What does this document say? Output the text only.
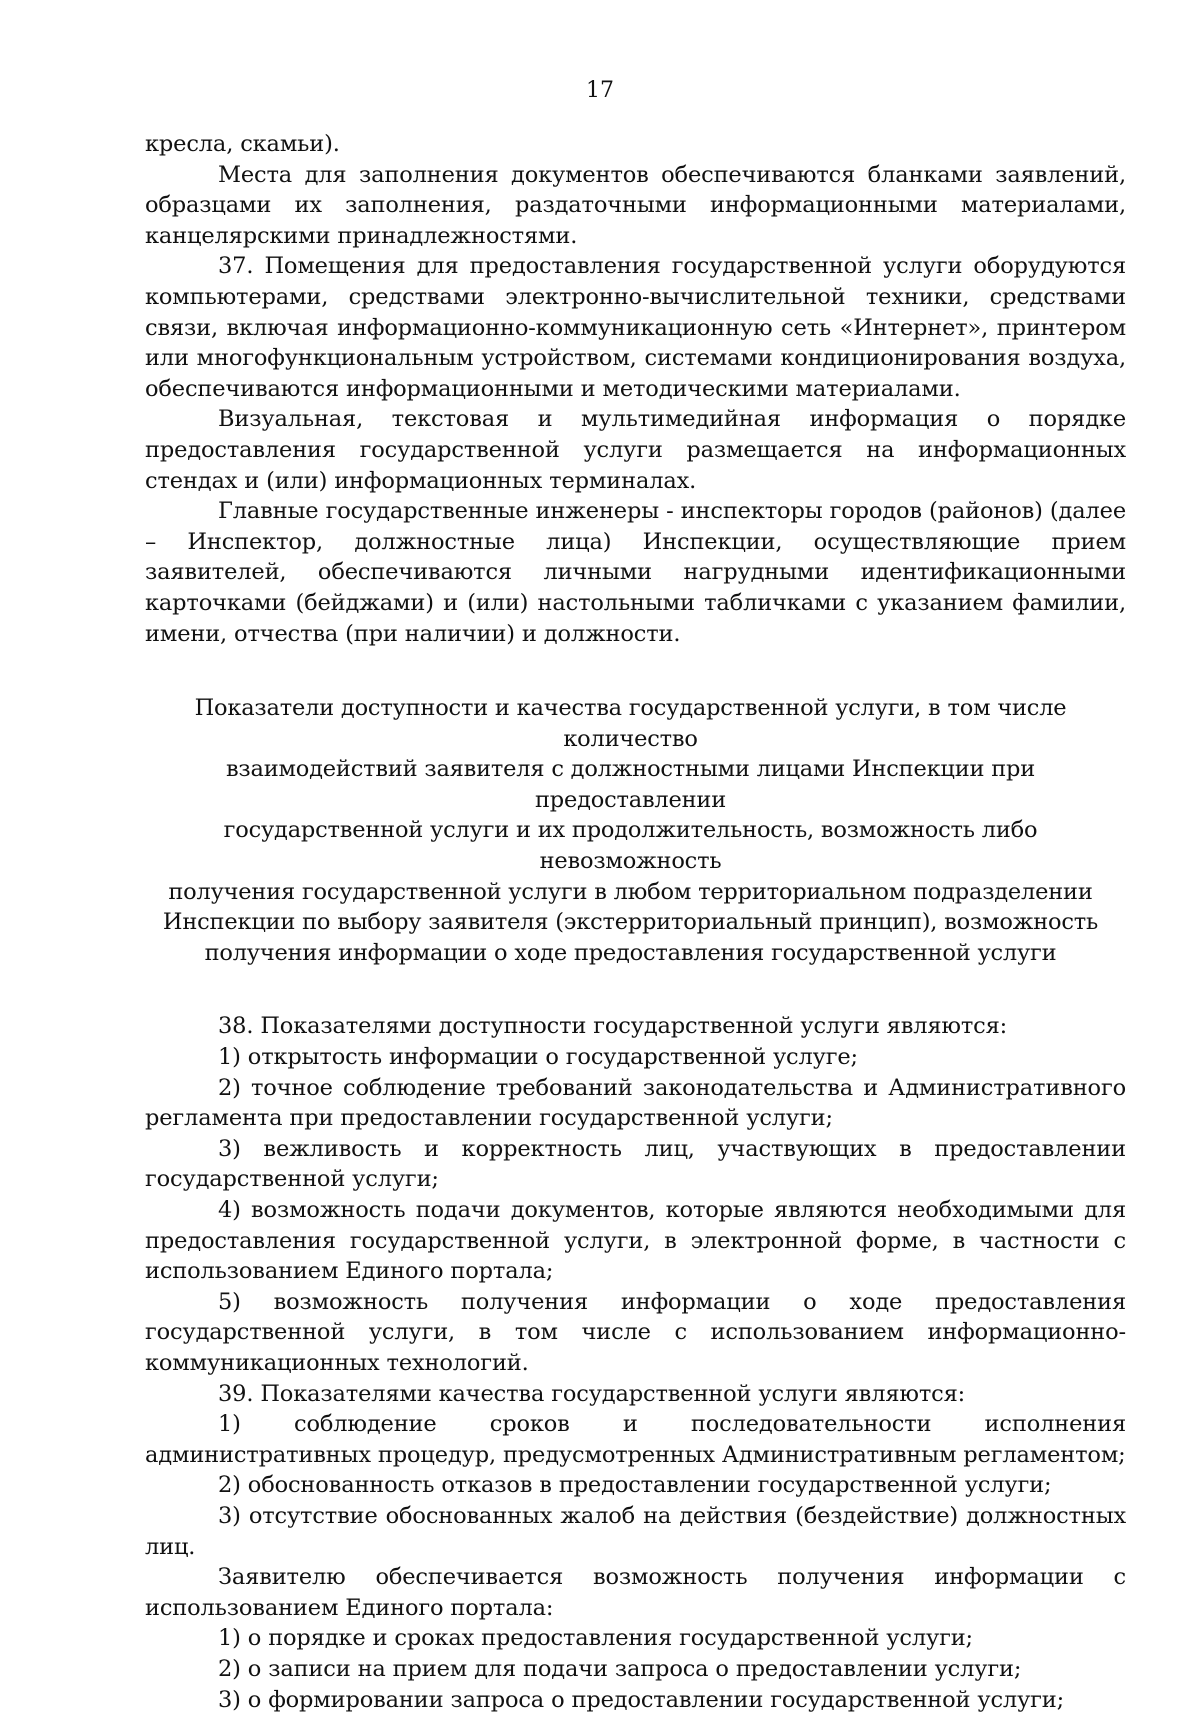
17

кресла, скамьи).

Места для заполнения документов обеспечиваются бланками заявлений, образцами их заполнения, раздаточными информационными материалами, канцелярскими принадлежностями.

37. Помещения для предоставления государственной услуги оборудуются компьютерами, средствами электронно-вычислительной техники, средствами связи, включая информационно-коммуникационную сеть «Интернет», принтером или многофункциональным устройством, системами кондиционирования воздуха, обеспечиваются информационными и методическими материалами.

Визуальная, текстовая и мультимедийная информация о порядке предоставления государственной услуги размещается на информационных стендах и (или) информационных терминалах.

Главные государственные инженеры - инспекторы городов (районов) (далее – Инспектор, должностные лица) Инспекции, осуществляющие прием заявителей, обеспечиваются личными нагрудными идентификационными карточками (бейджами) и (или) настольными табличками с указанием фамилии, имени, отчества (при наличии) и должности.

Показатели доступности и качества государственной услуги, в том числе количество
взаимодействий заявителя с должностными лицами Инспекции при предоставлении
государственной услуги и их продолжительность, возможность либо невозможность
получения государственной услуги в любом территориальном подразделении
Инспекции по выбору заявителя (экстерриториальный принцип), возможность
получения информации о ходе предоставления государственной услуги

38. Показателями доступности государственной услуги являются:

1) открытость информации о государственной услуге;

2) точное соблюдение требований законодательства и Административного регламента при предоставлении государственной услуги;

3) вежливость и корректность лиц, участвующих в предоставлении государственной услуги;

4) возможность подачи документов, которые являются необходимыми для предоставления государственной услуги, в электронной форме, в частности с использованием Единого портала;

5) возможность получения информации о ходе предоставления государственной услуги, в том числе с использованием информационно-коммуникационных технологий.

39. Показателями качества государственной услуги являются:

1) соблюдение сроков и последовательности исполнения административных процедур, предусмотренных Административным регламентом;

2) обоснованность отказов в предоставлении государственной услуги;

3) отсутствие обоснованных жалоб на действия (бездействие) должностных лиц.

Заявителю обеспечивается возможность получения информации с использованием Единого портала:

1) о порядке и сроках предоставления государственной услуги;

2) о записи на прием для подачи запроса о предоставлении услуги;

3) о формировании запроса о предоставлении государственной услуги;
